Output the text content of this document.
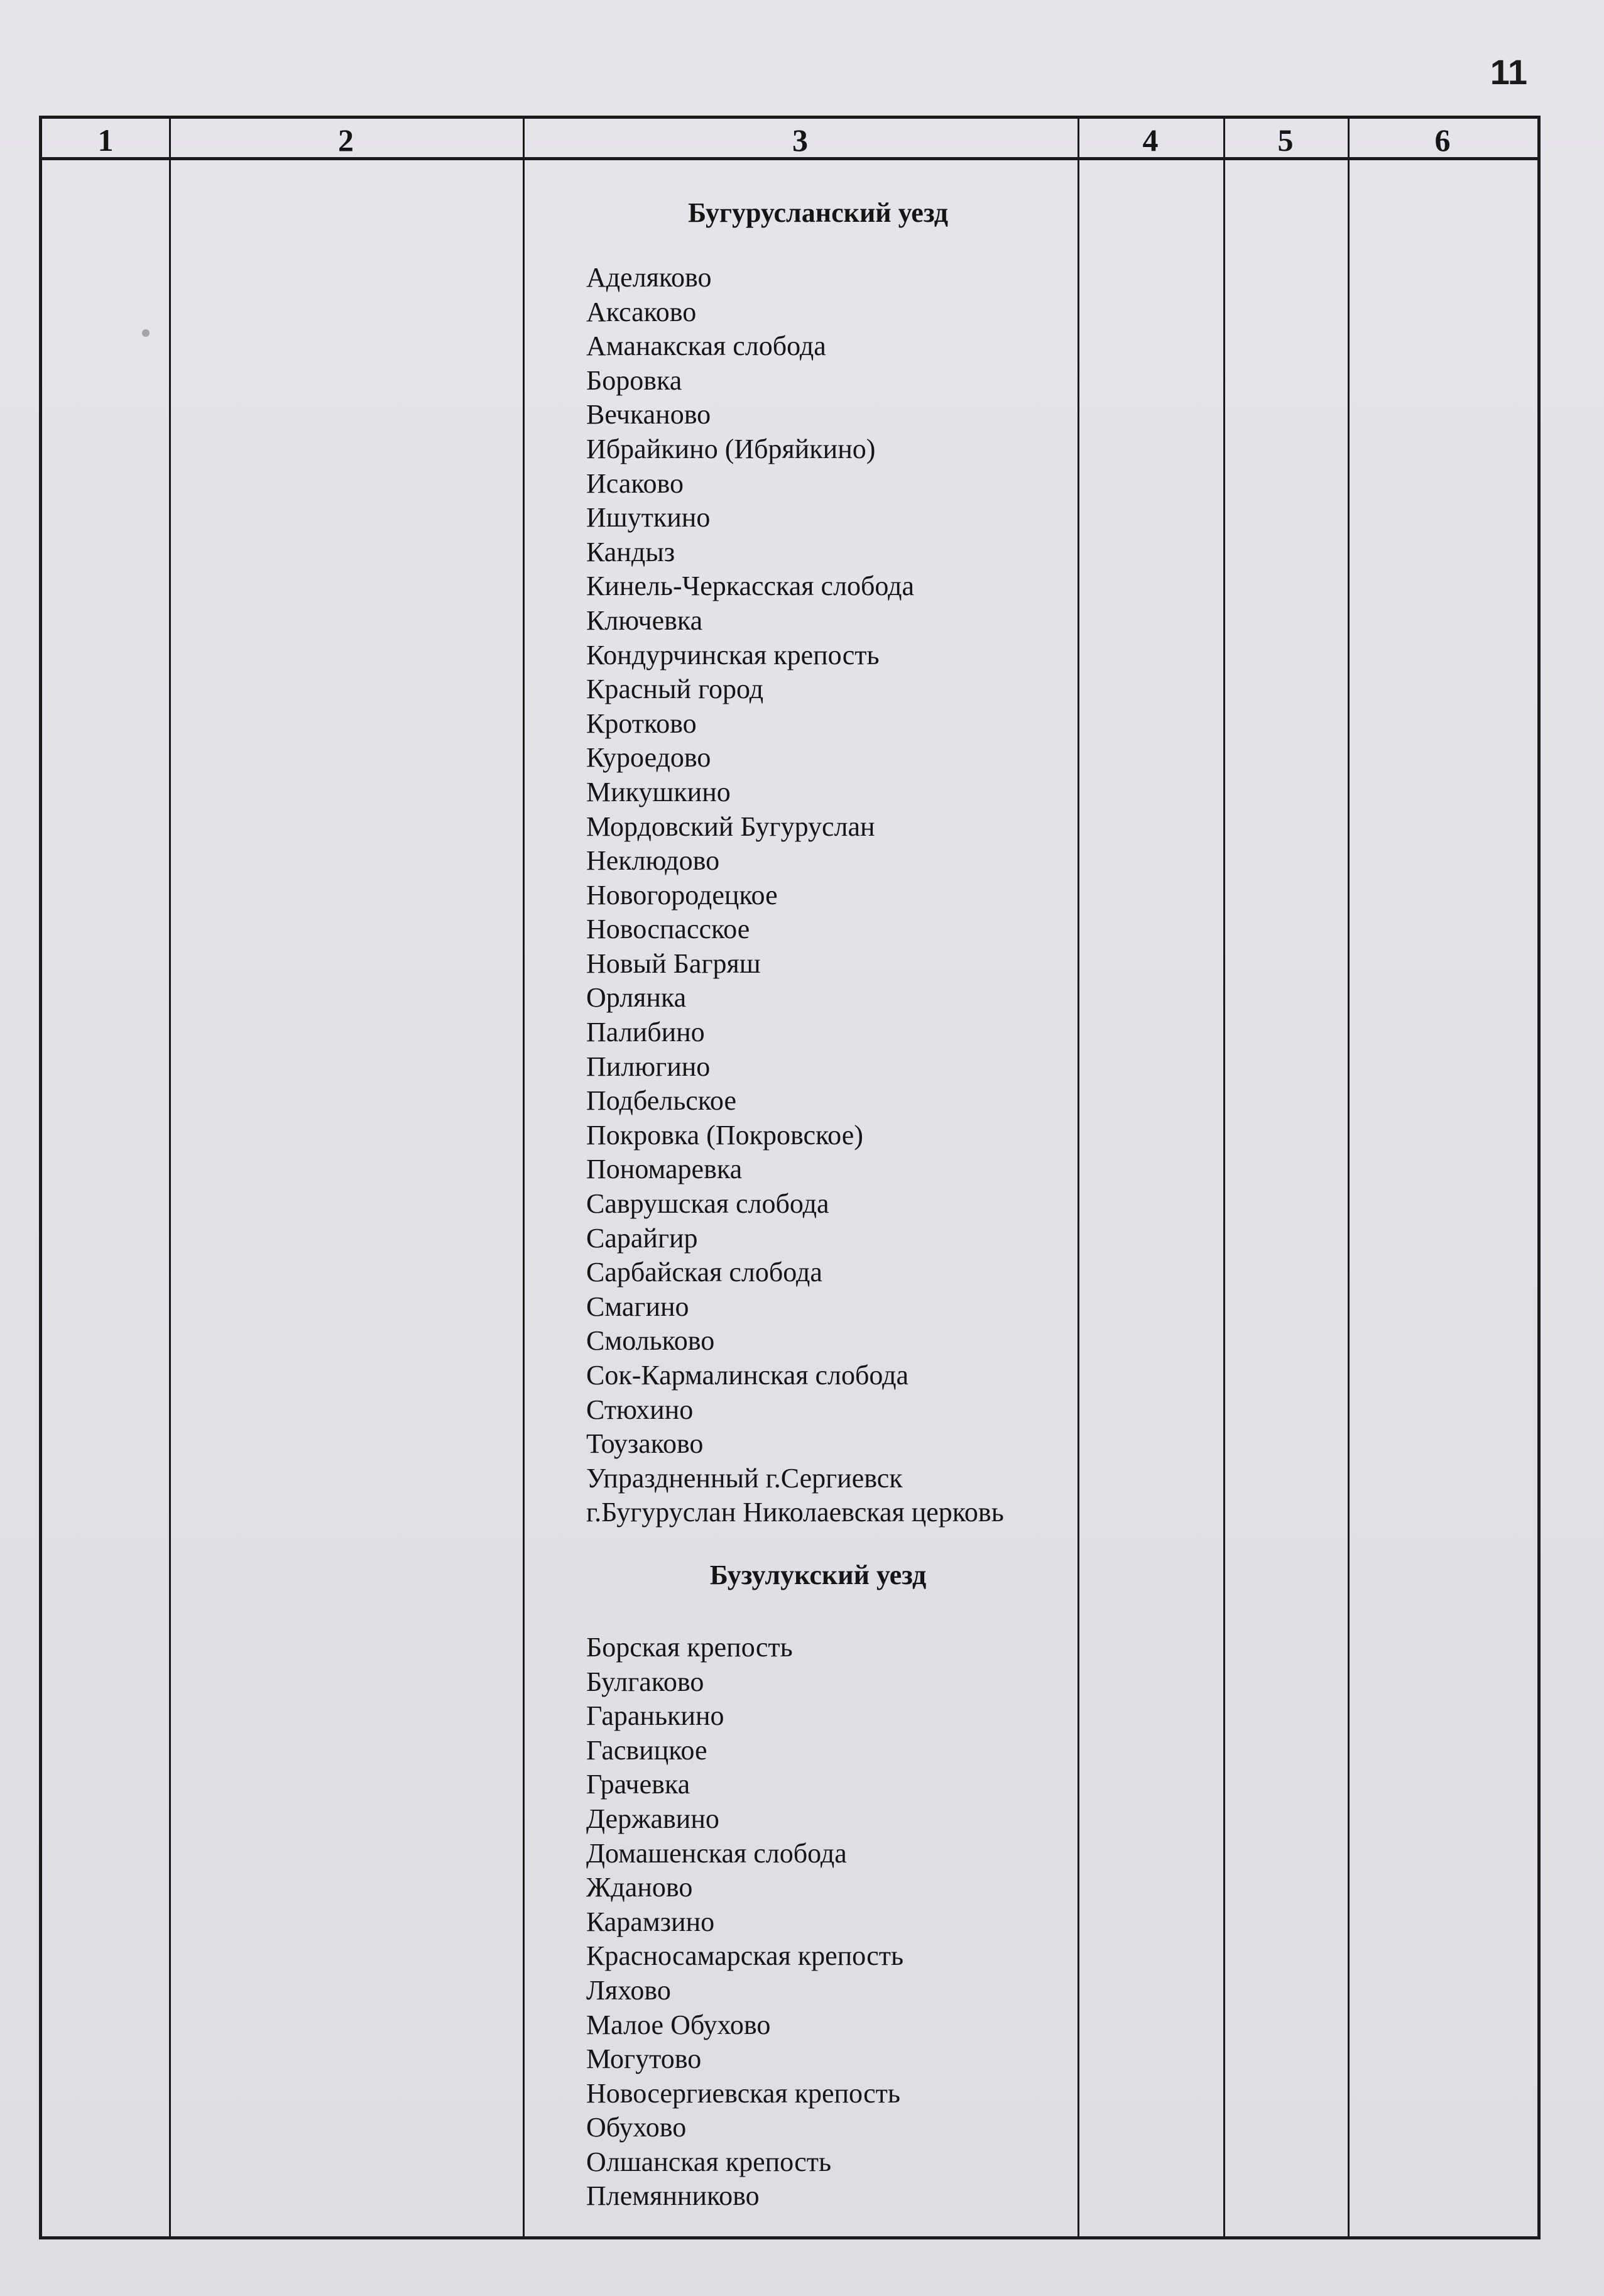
11
1	2	3	4	5	6
Бугурусланский уезд
Аделяково
Аксаково
Аманакская слобода
Боровка
Вечканово
Ибрайкино (Ибряйкино)
Исаково
Ишуткино
Кандыз
Кинель-Черкасская слобода
Ключевка
Кондурчинская крепость
Красный город
Кротково
Куроедово
Микушкино
Мордовский Бугуруслан
Неклюдово
Новогородецкое
Новоспасское
Новый Багряш
Орлянка
Палибино
Пилюгино
Подбельское
Покровка (Покровское)
Пономаревка
Саврушская слобода
Сарайгир
Сарбайская слобода
Смагино
Смольково
Сок-Кармалинская слобода
Стюхино
Тоузаково
Упраздненный г.Сергиевск
г.Бугуруслан Николаевская церковь
Бузулукский уезд
Борская крепость
Булгаково
Гаранькино
Гасвицкое
Грачевка
Державино
Домашенская слобода
Жданово
Карамзино
Красносамарская крепость
Ляхово
Малое Обухово
Могутово
Новосергиевская крепость
Обухово
Олшанская крепость
Племянниково
